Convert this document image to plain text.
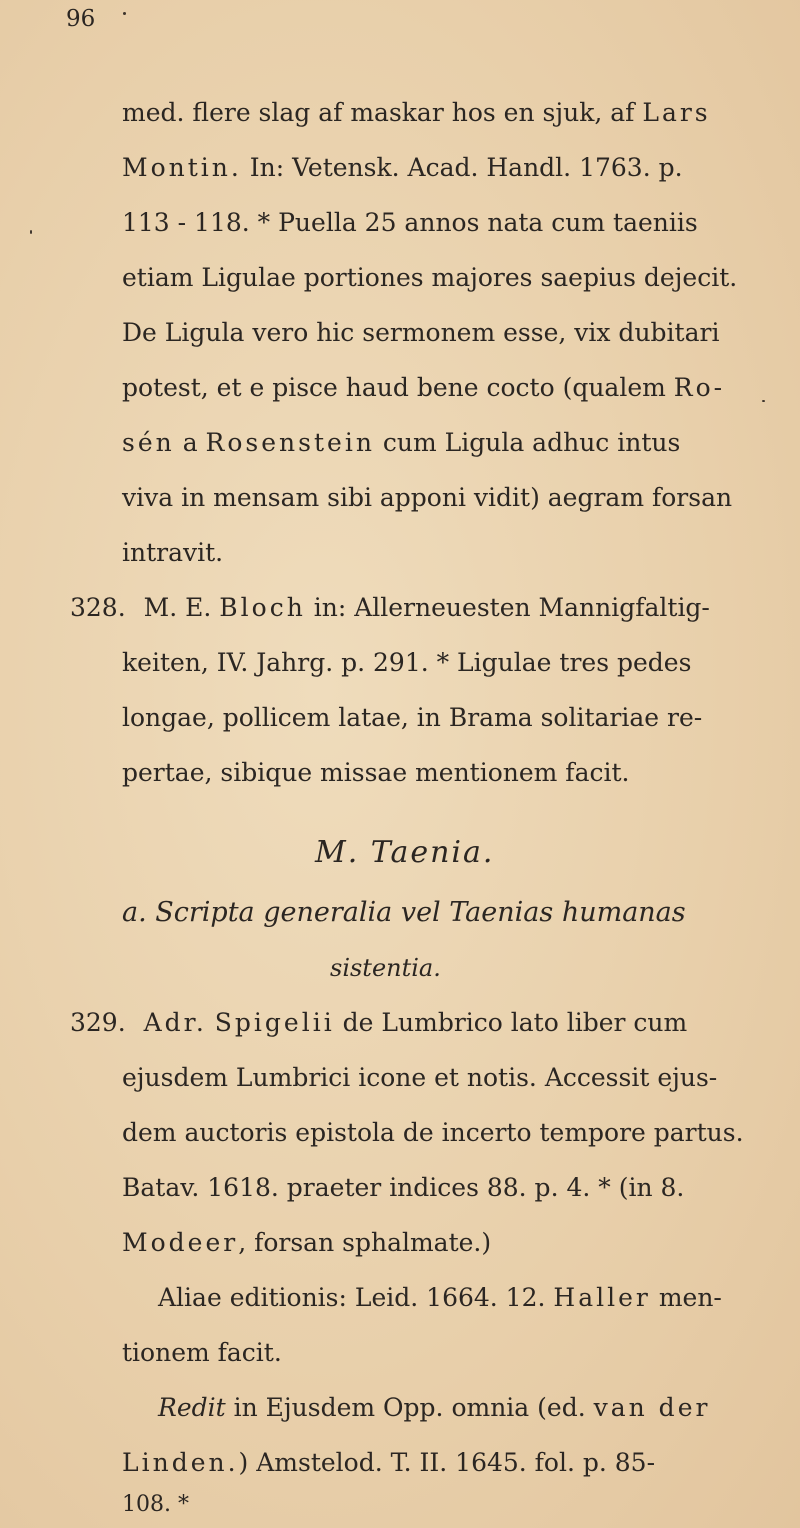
96
med. flere slag af maskar hos en sjuk, af Lars
Montin. In: Vetensk. Acad. Handl. 1763. p.
113 - 118. * Puella 25 annos nata cum taeniis
etiam Ligulae portiones majores saepius dejecit.
De Ligula vero hic sermonem esse, vix dubitari
potest, et e pisce haud bene cocto (qualem Ro-
sén a Rosenstein cum Ligula adhuc intus
viva in mensam sibi apponi vidit) aegram forsan
intravit.
328. M. E. Bloch in: Allerneuesten Mannigfaltig-
keiten, IV. Jahrg. p. 291. * Ligulae tres pedes
longae, pollicem latae, in Brama solitariae re-
pertae, sibique missae mentionem facit.
M. Taenia.
a. Scripta generalia vel Taenias humanas
sistentia.
329. Adr. Spigelii de Lumbrico lato liber cum
ejusdem Lumbrici icone et notis. Accessit ejus-
dem auctoris epistola de incerto tempore partus.
Batav. 1618. praeter indices 88. p. 4. * (in 8.
Modeer, forsan sphalmate.)
Aliae editionis: Leid. 1664. 12. Haller men-
tionem facit.
Redit in Ejusdem Opp. omnia (ed. van der
Linden.) Amstelod. T. II. 1645. fol. p. 85-
108. *
